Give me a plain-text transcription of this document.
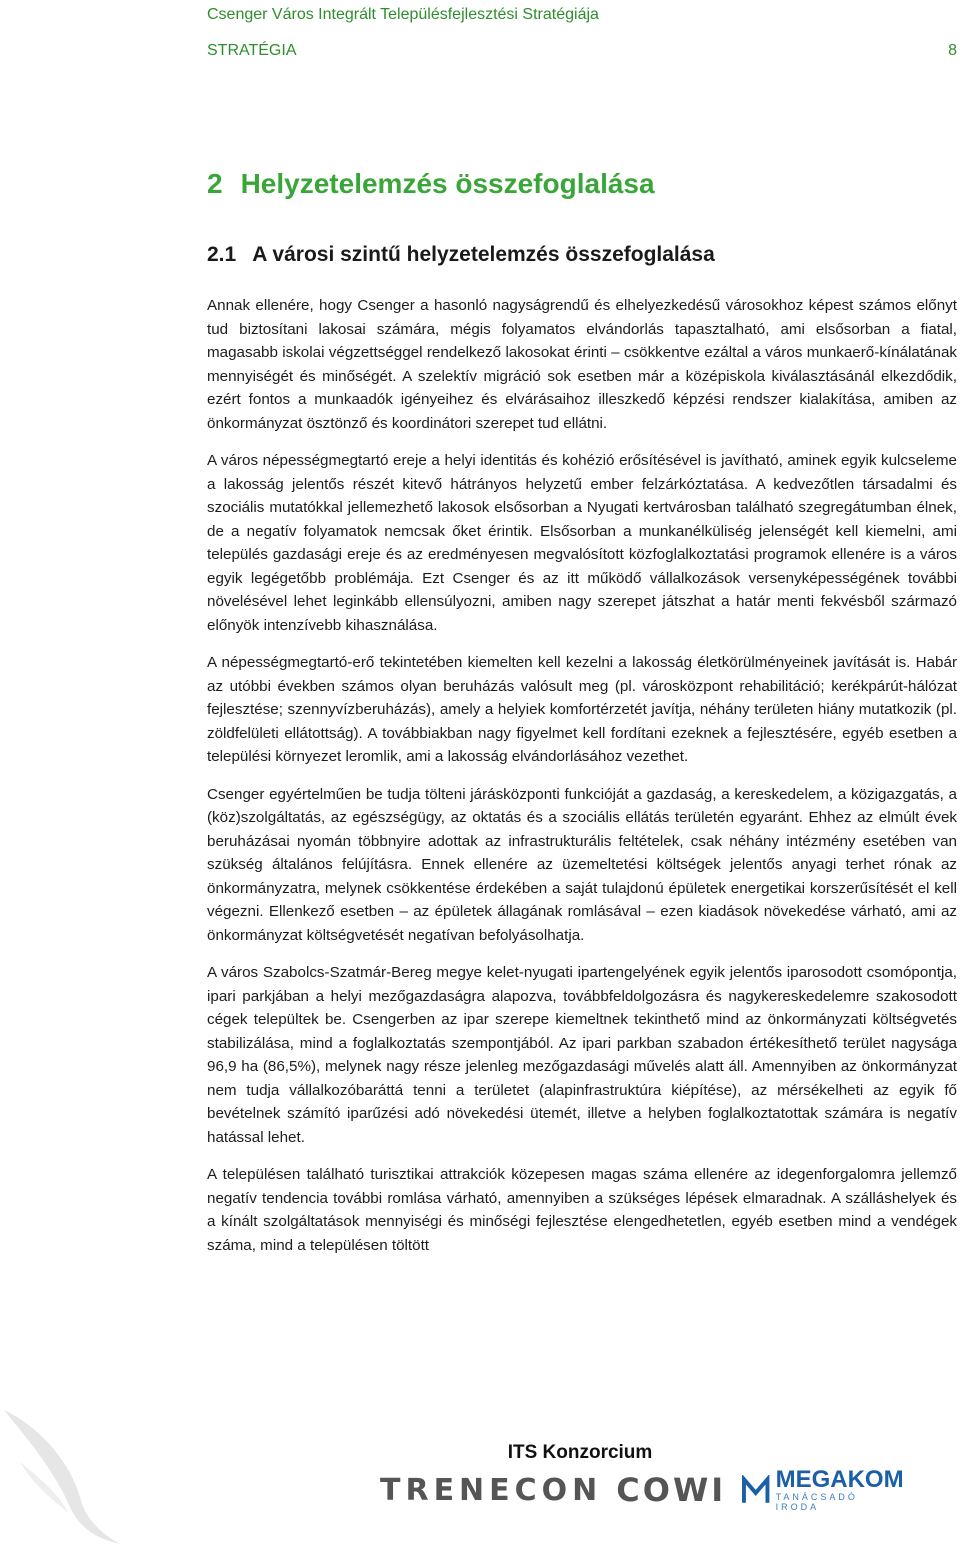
Csenger Város Integrált Településfejlesztési Stratégiája
STRATÉGIA	8
2 Helyzetelemzés összefoglalása
2.1 A városi szintű helyzetelemzés összefoglalása

Annak ellenére, hogy Csenger a hasonló nagyságrendű és elhelyezkedésű városokhoz képest számos előnyt tud biztosítani lakosai számára, mégis folyamatos elvándorlás tapasztalható, ami elsősorban a fiatal, magasabb iskolai végzettséggel rendelkező lakosokat érinti – csökkentve ezáltal a város munkaerő-kínálatának mennyiségét és minőségét. A szelektív migráció sok esetben már a középiskola kiválasztásánál elkezdődik, ezért fontos a munkaadók igényeihez és elvárásaihoz illeszkedő képzési rendszer kialakítása, amiben az önkormányzat ösztönző és koordinátori szerepet tud ellátni.

A város népességmegtartó ereje a helyi identitás és kohézió erősítésével is javítható, aminek egyik kulcseleme a lakosság jelentős részét kitevő hátrányos helyzetű ember felzárkóztatása. A kedvezőtlen társadalmi és szociális mutatókkal jellemezhető lakosok elsősorban a Nyugati kertvárosban található szegregátumban élnek, de a negatív folyamatok nemcsak őket érintik. Elsősorban a munkanélküliség jelenségét kell kiemelni, ami település gazdasági ereje és az eredményesen megvalósított közfoglalkoztatási programok ellenére is a város egyik legégetőbb problémája. Ezt Csenger és az itt működő vállalkozások versenyképességének további növelésével lehet leginkább ellensúlyozni, amiben nagy szerepet játszhat a határ menti fekvésből származó előnyök intenzívebb kihasználása.

A népességmegtartó-erő tekintetében kiemelten kell kezelni a lakosság életkörülményeinek javítását is. Habár az utóbbi években számos olyan beruházás valósult meg (pl. városközpont rehabilitáció; kerékpárút-hálózat fejlesztése; szennyvízberuházás), amely a helyiek komfortérzetét javítja, néhány területen hiány mutatkozik (pl. zöldfelületi ellátottság). A továbbiakban nagy figyelmet kell fordítani ezeknek a fejlesztésére, egyéb esetben a települési környezet leromlik, ami a lakosság elvándorlásához vezethet.

Csenger egyértelműen be tudja tölteni járásközponti funkcióját a gazdaság, a kereskedelem, a közigazgatás, a (köz)szolgáltatás, az egészségügy, az oktatás és a szociális ellátás területén egyaránt. Ehhez az elmúlt évek beruházásai nyomán többnyire adottak az infrastrukturális feltételek, csak néhány intézmény esetében van szükség általános felújításra. Ennek ellenére az üzemeltetési költségek jelentős anyagi terhet rónak az önkormányzatra, melynek csökkentése érdekében a saját tulajdonú épületek energetikai korszerűsítését el kell végezni. Ellenkező esetben – az épületek állagának romlásával – ezen kiadások növekedése várható, ami az önkormányzat költségvetését negatívan befolyásolhatja.

A város Szabolcs-Szatmár-Bereg megye kelet-nyugati ipartengelyének egyik jelentős iparosodott csomópontja, ipari parkjában a helyi mezőgazdaságra alapozva, továbbfeldolgozásra és nagykereskedelemre szakosodott cégek települtek be. Csengerben az ipar szerepe kiemeltnek tekinthető mind az önkormányzati költségvetés stabilizálása, mind a foglalkoztatás szempontjából. Az ipari parkban szabadon értékesíthető terület nagysága 96,9 ha (86,5%), melynek nagy része jelenleg mezőgazdasági művelés alatt áll. Amennyiben az önkormányzat nem tudja vállalkozóbaráttá tenni a területet (alapinfrastruktúra kiépítése), az mérsékelheti az egyik fő bevételnek számító iparűzési adó növekedési ütemét, illetve a helyben foglalkoztatottak számára is negatív hatással lehet.

A településen található turisztikai attrakciók közepesen magas száma ellenére az idegenforgalomra jellemző negatív tendencia további romlása várható, amennyiben a szükséges lépések elmaradnak. A szálláshelyek és a kínált szolgáltatások mennyiségi és minőségi fejlesztése elengedhetetlen, egyéb esetben mind a vendégek száma, mind a településen töltött

ITS Konzorcium
TRENECON COWI MEGAKOM
TANÁCSADÓ IRODA
